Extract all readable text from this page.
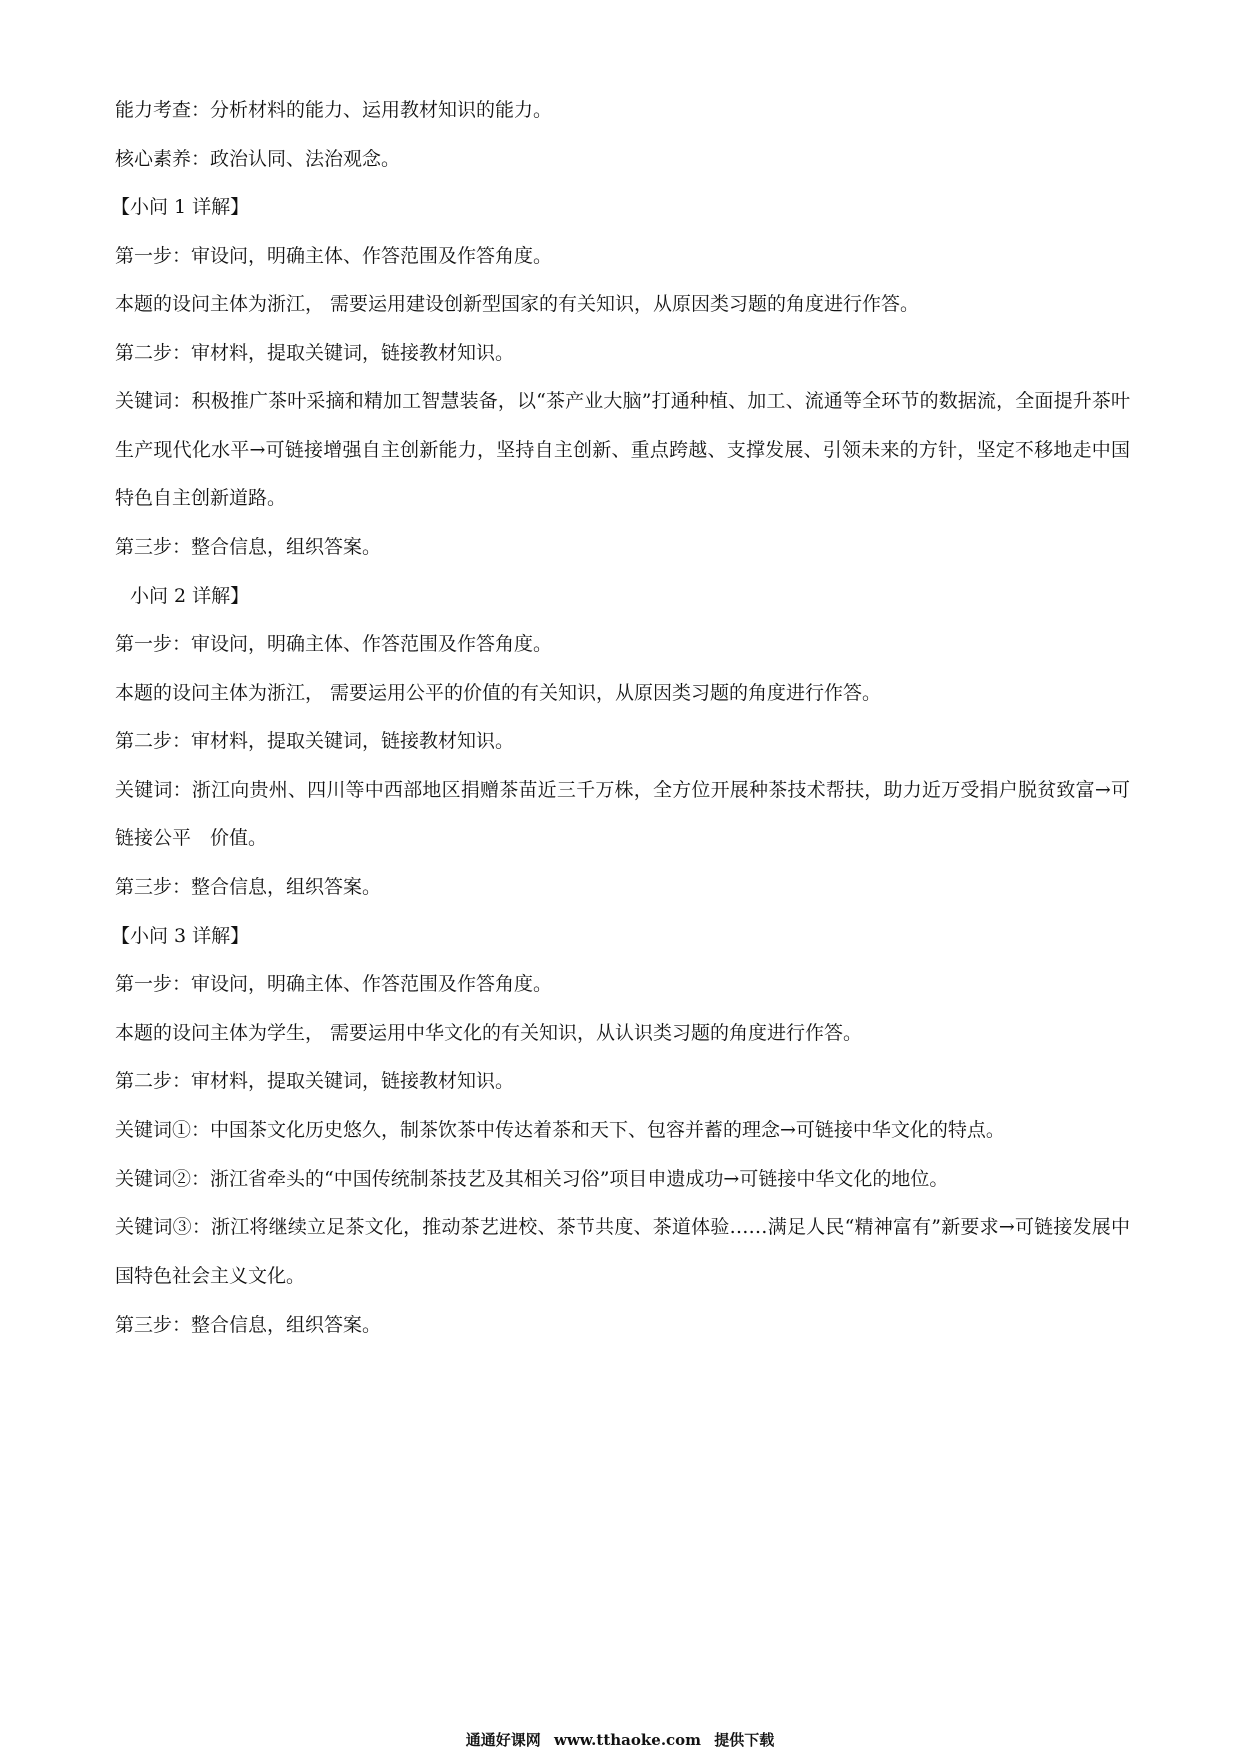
能力考查：分析材料的能力、运用教材知识的能力。
核心素养：政治认同、法治观念。
【小问 1 详解】
第一步：审设问，明确主体、作答范围及作答角度。
本题的设问主体为浙江， 需要运用建设创新型国家的有关知识，从原因类习题的角度进行作答。
第二步：审材料，提取关键词，链接教材知识。
关键词：积极推广茶叶采摘和精加工智慧装备，以“茶产业大脑”打通种植、加工、流通等全环节的数据流，全面提升茶叶生产现代化水平→可链接增强自主创新能力，坚持自主创新、重点跨越、支撑发展、引领未来的方针，坚定不移地走中国特色自主创新道路。
第三步：整合信息，组织答案。
小问 2 详解】
第一步：审设问，明确主体、作答范围及作答角度。
本题的设问主体为浙江， 需要运用公平的价值的有关知识，从原因类习题的角度进行作答。
第二步：审材料，提取关键词，链接教材知识。
关键词：浙江向贵州、四川等中西部地区捐赠茶苗近三千万株，全方位开展种茶技术帮扶，助力近万受捐户脱贫致富→可链接公平　价值。
第三步：整合信息，组织答案。
【小问 3 详解】
第一步：审设问，明确主体、作答范围及作答角度。
本题的设问主体为学生， 需要运用中华文化的有关知识，从认识类习题的角度进行作答。
第二步：审材料，提取关键词，链接教材知识。
关键词①：中国茶文化历史悠久，制茶饮茶中传达着茶和天下、包容并蓄的理念→可链接中华文化的特点。
关键词②：浙江省牵头的“中国传统制茶技艺及其相关习俗”项目申遗成功→可链接中华文化的地位。
关键词③：浙江将继续立足茶文化，推动茶艺进校、茶节共度、茶道体验……满足人民“精神富有”新要求→可链接发展中国特色社会主义文化。
第三步：整合信息，组织答案。
通通好课网 www.tthaoke.com 提供下载
